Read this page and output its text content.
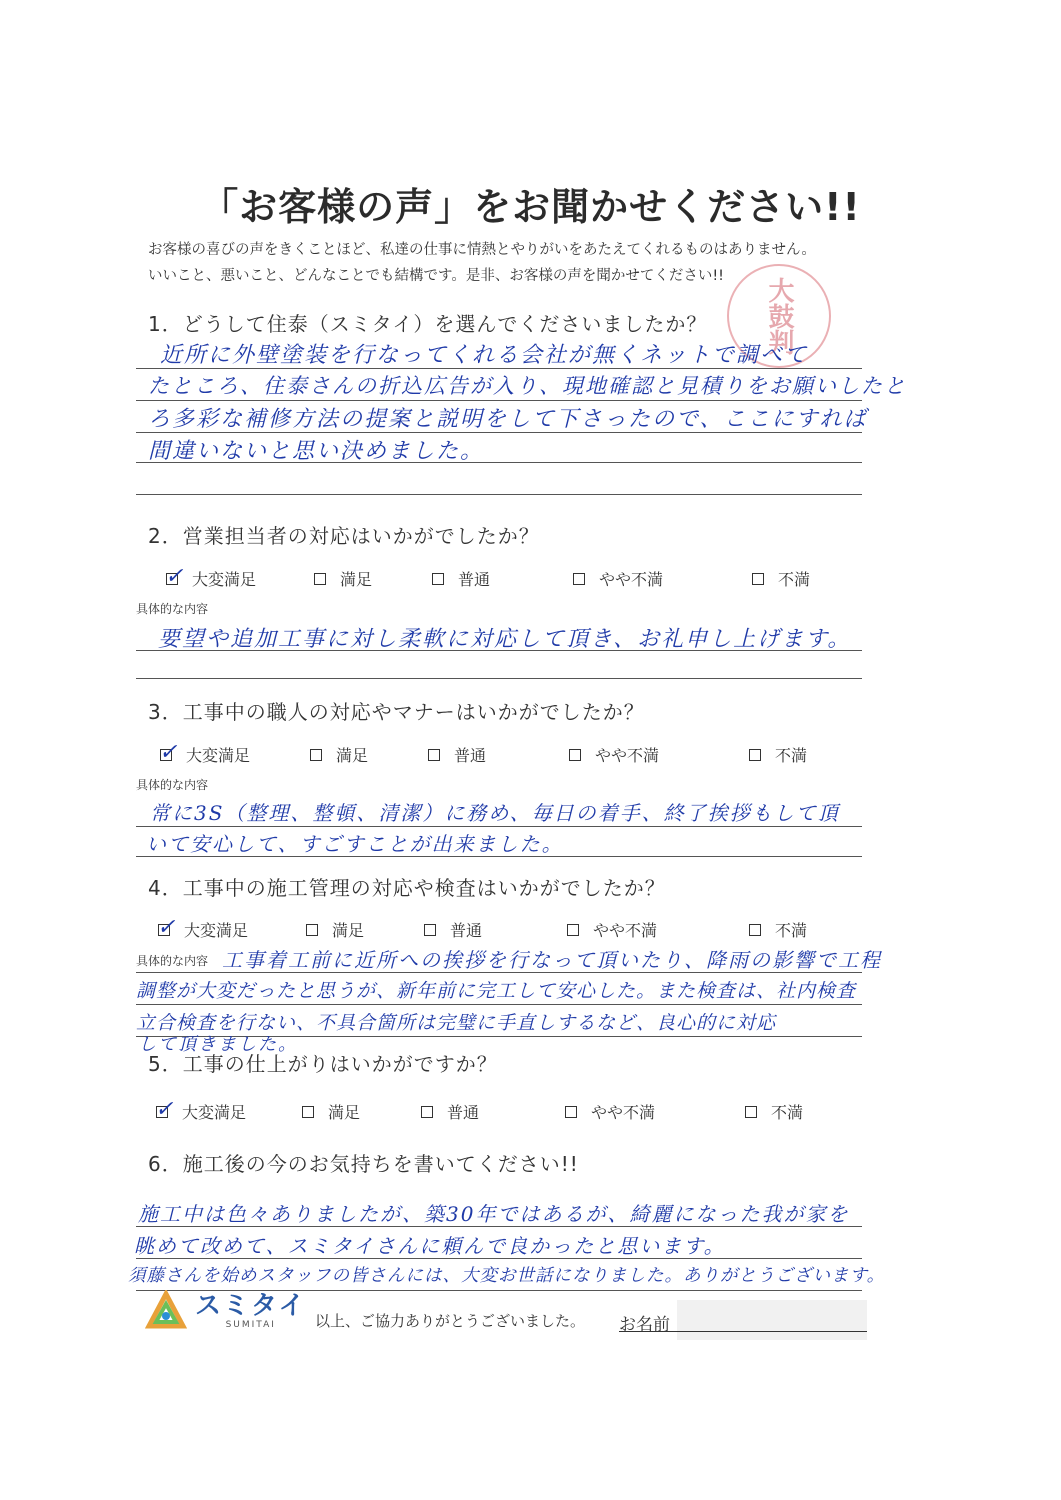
「お客様の声」をお聞かせください!!
お客様の喜びの声をきくことほど、私達の仕事に情熱とやりがいをあたえてくれるものはありません。
いいこと、悪いこと、どんなことでも結構です。是非、お客様の声を聞かせてください!!
大鼓判
1．どうして住泰（スミタイ）を選んでくださいましたか？
近所に外壁塗装を行なってくれる会社が無くネットで調べて
たところ、住泰さんの折込広告が入り、現地確認と見積りをお願いしたと
ろ多彩な補修方法の提案と説明をして下さったので、ここにすれば
間違いないと思い決めました。
2．営業担当者の対応はいかがでしたか？
✓ 大変満足	満足	普通	やや不満	不満
具体的な内容
要望や追加工事に対し柔軟に対応して頂き、お礼申し上げます。
3．工事中の職人の対応やマナーはいかがでしたか？
✓ 大変満足	満足	普通	やや不満	不満
具体的な内容
常に3S（整理、整頓、清潔）に務め、毎日の着手、終了挨拶もして頂
いて安心して、すごすことが出来ました。
4．工事中の施工管理の対応や検査はいかがでしたか？
✓ 大変満足	満足	普通	やや不満	不満
具体的な内容 工事着工前に近所への挨拶を行なって頂いたり、降雨の影響で工程
調整が大変だったと思うが、新年前に完工して安心した。また検査は、社内検査
立合検査を行ない、不具合箇所は完璧に手直しするなど、良心的に対応
して頂きました。
5．工事の仕上がりはいかがですか？
✓ 大変満足	満足	普通	やや不満	不満
6．施工後の今のお気持ちを書いてください!!
施工中は色々ありましたが、築30年ではあるが、綺麗になった我が家を
眺めて改めて、スミタイさんに頼んで良かったと思います。
須藤さんを始めスタッフの皆さんには、大変お世話になりました。ありがとうございます。
スミタイ
SUMITAI	以上、ご協力ありがとうございました。 お名前
